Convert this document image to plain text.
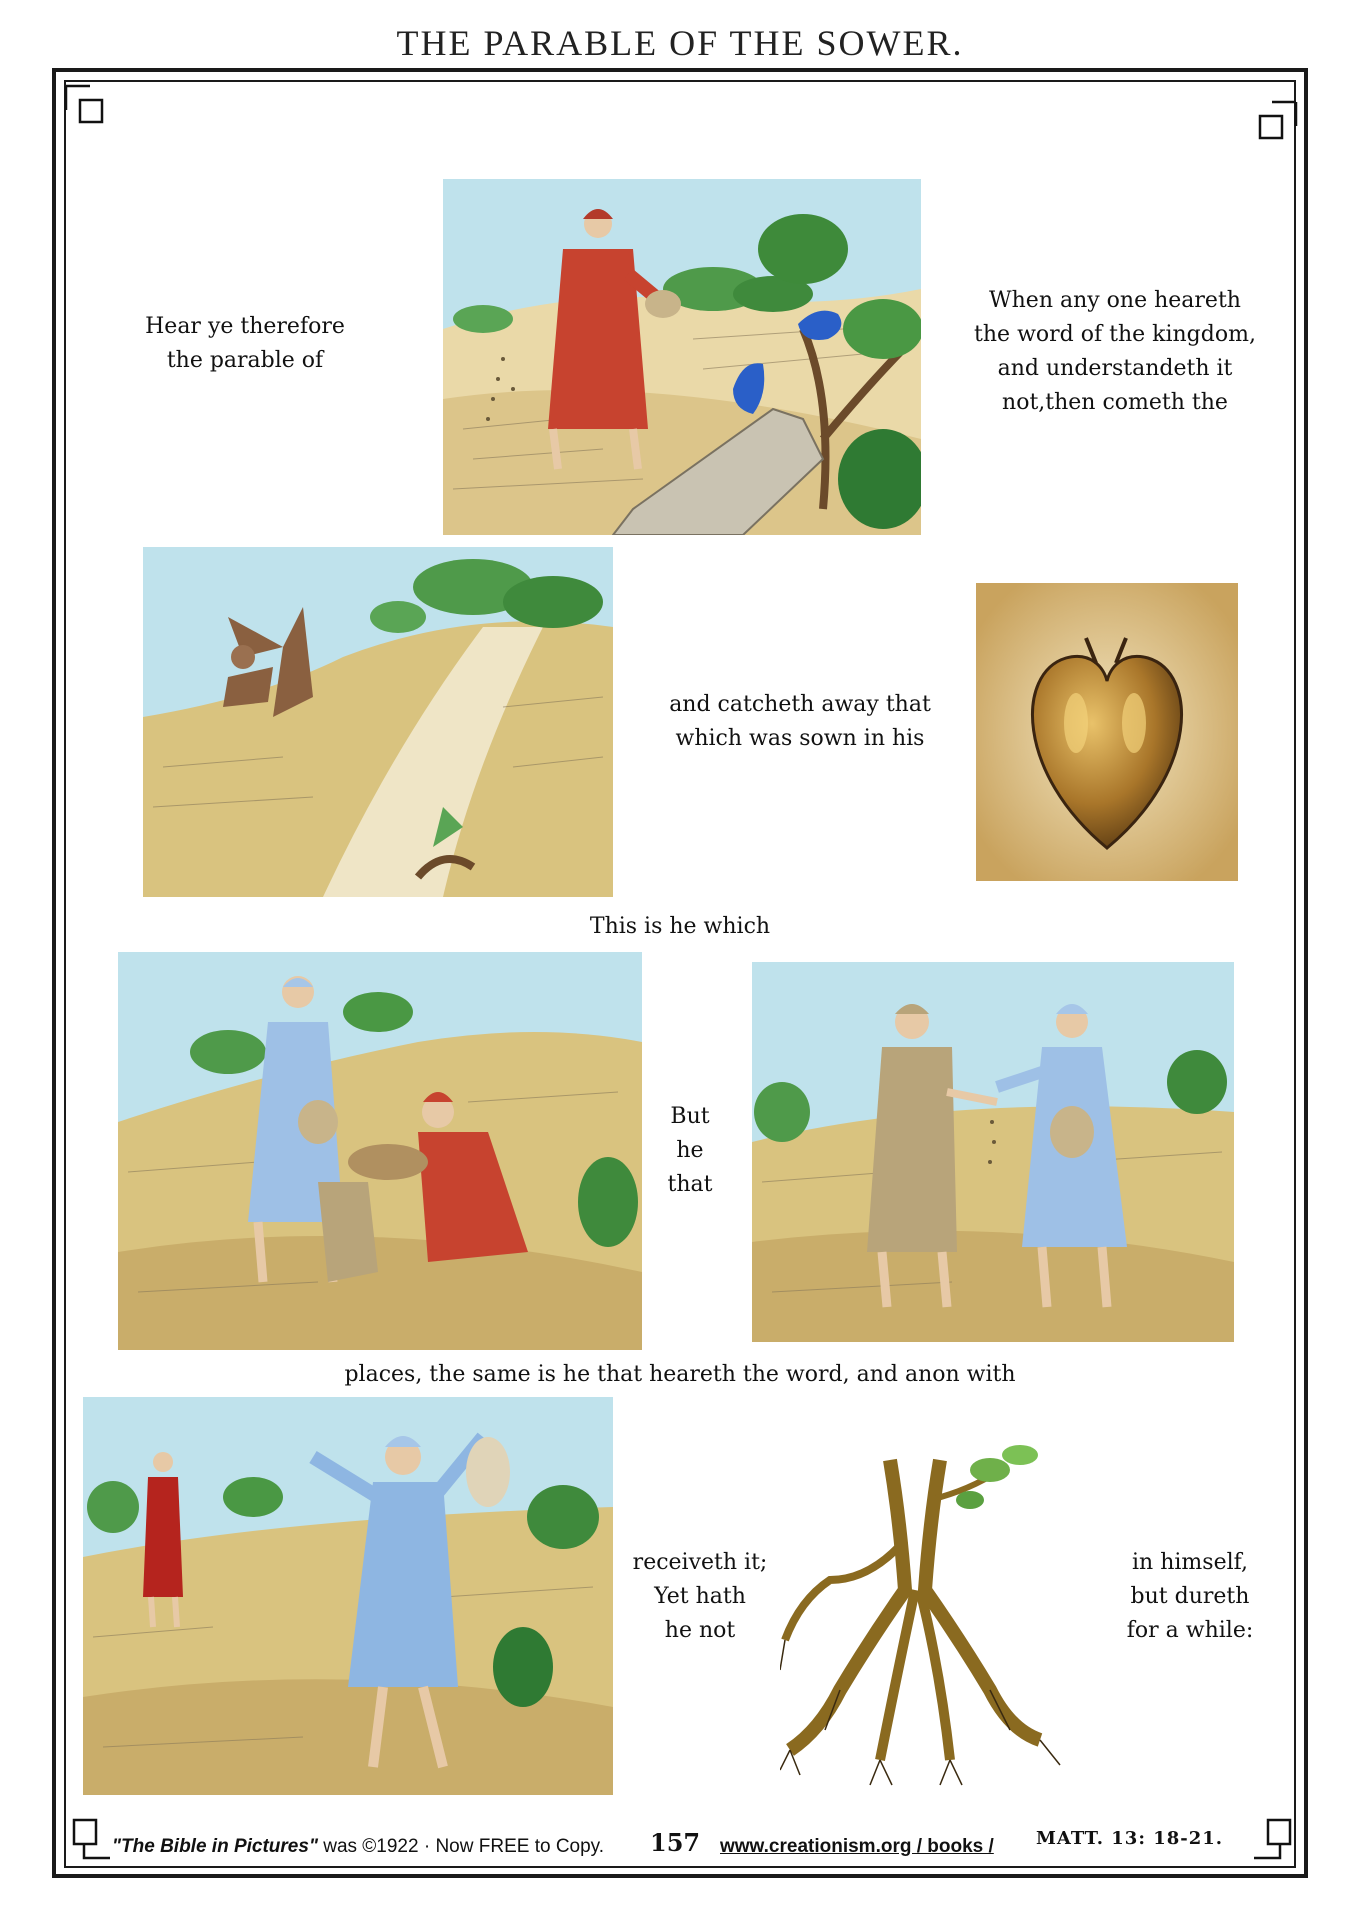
THE PARABLE OF THE SOWER.
Hear ye therefore
the parable of
When any one heareth
the word of the kingdom,
and understandeth it
not,then cometh the
and catcheth away that
which was sown in his
This is he which
But
he
that
places, the same is he that heareth the word, and anon with
receiveth it;
Yet hath
he not
in himself,
but dureth
for a while:
"The Bible in Pictures" was ©1922 · Now FREE to Copy. 157 www.creationism.org / books / MATT. 13: 18-21.
